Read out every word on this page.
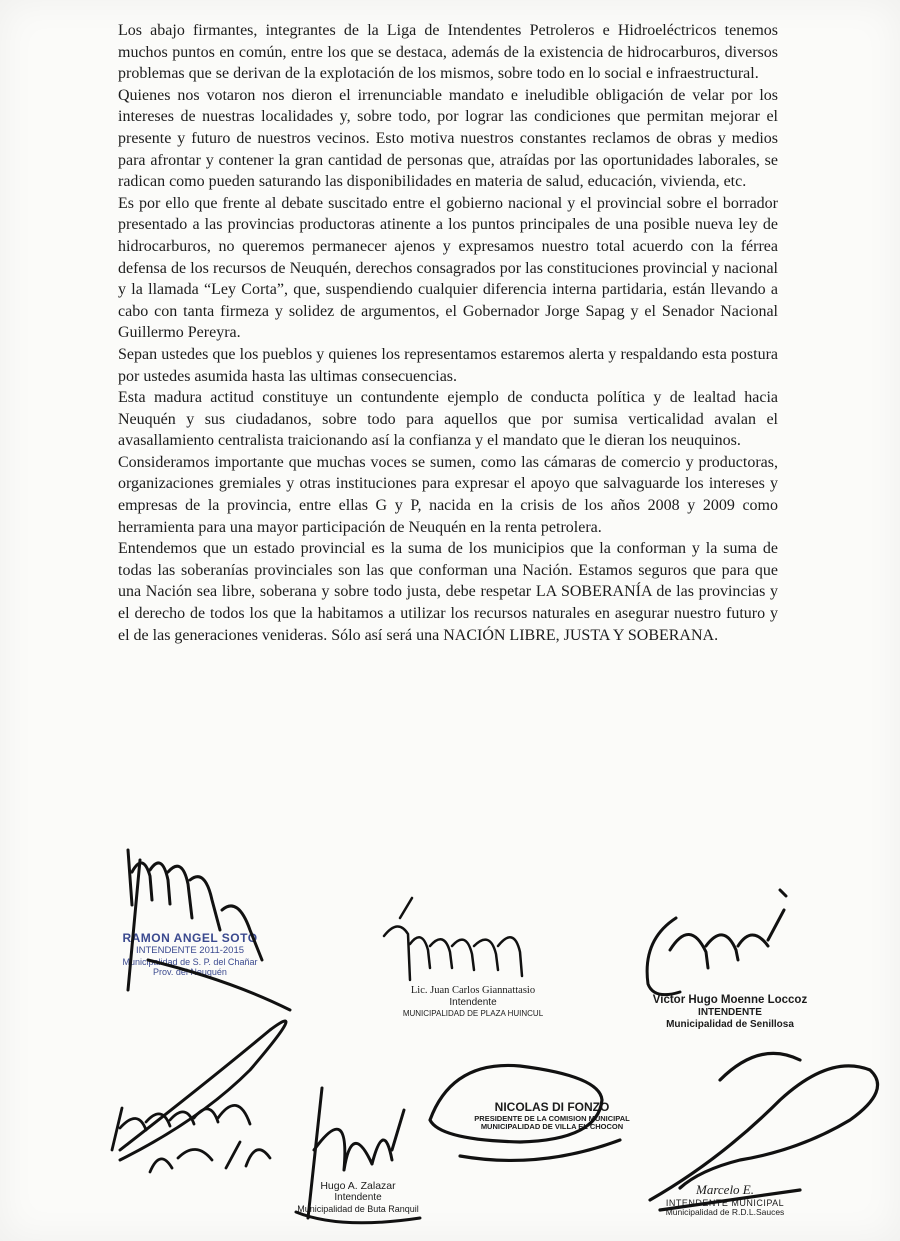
Los abajo firmantes, integrantes de la Liga de Intendentes Petroleros e Hidroeléctricos tenemos muchos puntos en común, entre los que se destaca, además de la existencia de hidrocarburos, diversos problemas que se derivan de la explotación de los mismos, sobre todo en lo social e infraestructural.

Quienes nos votaron nos dieron el irrenunciable mandato e ineludible obligación de velar por los intereses de nuestras localidades y, sobre todo, por lograr las condiciones que permitan mejorar el presente y futuro de nuestros vecinos. Esto motiva nuestros constantes reclamos de obras y medios para afrontar y contener la gran cantidad de personas que, atraídas por las oportunidades laborales, se radican como pueden saturando las disponibilidades en materia de salud, educación, vivienda, etc.

Es por ello que frente al debate suscitado entre el gobierno nacional y el provincial sobre el borrador presentado a las provincias productoras atinente a los puntos principales de una posible nueva ley de hidrocarburos, no queremos permanecer ajenos y expresamos nuestro total acuerdo con la férrea defensa de los recursos de Neuquén, derechos consagrados por las constituciones provincial y nacional y la llamada “Ley Corta”, que, suspendiendo cualquier diferencia interna partidaria, están llevando a cabo con tanta firmeza y solidez de argumentos, el Gobernador Jorge Sapag y el Senador Nacional Guillermo Pereyra.

Sepan ustedes que los pueblos y quienes los representamos estaremos alerta y respaldando esta postura por ustedes asumida hasta las ultimas consecuencias.

Esta madura actitud constituye un contundente ejemplo de conducta política y de lealtad hacia Neuquén y sus ciudadanos, sobre todo para aquellos que por sumisa verticalidad avalan el avasallamiento centralista traicionando así la confianza y el mandato que le dieran los neuquinos.

Consideramos importante que muchas voces se sumen, como las cámaras de comercio y productoras, organizaciones gremiales y otras instituciones para expresar el apoyo que salvaguarde los intereses y empresas de la provincia, entre ellas G y P, nacida en la crisis de los años 2008 y 2009 como herramienta para una mayor participación de Neuquén en la renta petrolera.

Entendemos que un estado provincial es la suma de los municipios que la conforman y la suma de todas las soberanías provinciales son las que conforman una Nación. Estamos seguros que para que una Nación sea libre, soberana y sobre todo justa, debe respetar LA SOBERANÍA de las provincias y el derecho de todos los que la habitamos a utilizar los recursos naturales en asegurar nuestro futuro y el de las generaciones venideras. Sólo así será una NACIÓN LIBRE, JUSTA Y SOBERANA.

RAMON ANGEL SOTO
INTENDENTE 2011-2015
Municipalidad de S. P. del Chañar
Prov. del Neuquén
Lic. Juan Carlos Giannattasio
Intendente
MUNICIPALIDAD DE PLAZA HUINCUL
Victor Hugo Moenne Loccoz
INTENDENTE
Municipalidad de Senillosa
NICOLAS DI FONZO
PRESIDENTE DE LA COMISION MUNICIPAL
MUNICIPALIDAD DE VILLA EL CHOCON
Hugo A. Zalazar
Intendente
Municipalidad de Buta Ranquil
Marcelo E.
INTENDENTE MUNICIPAL
Municipalidad de R.D.L.Sauces
